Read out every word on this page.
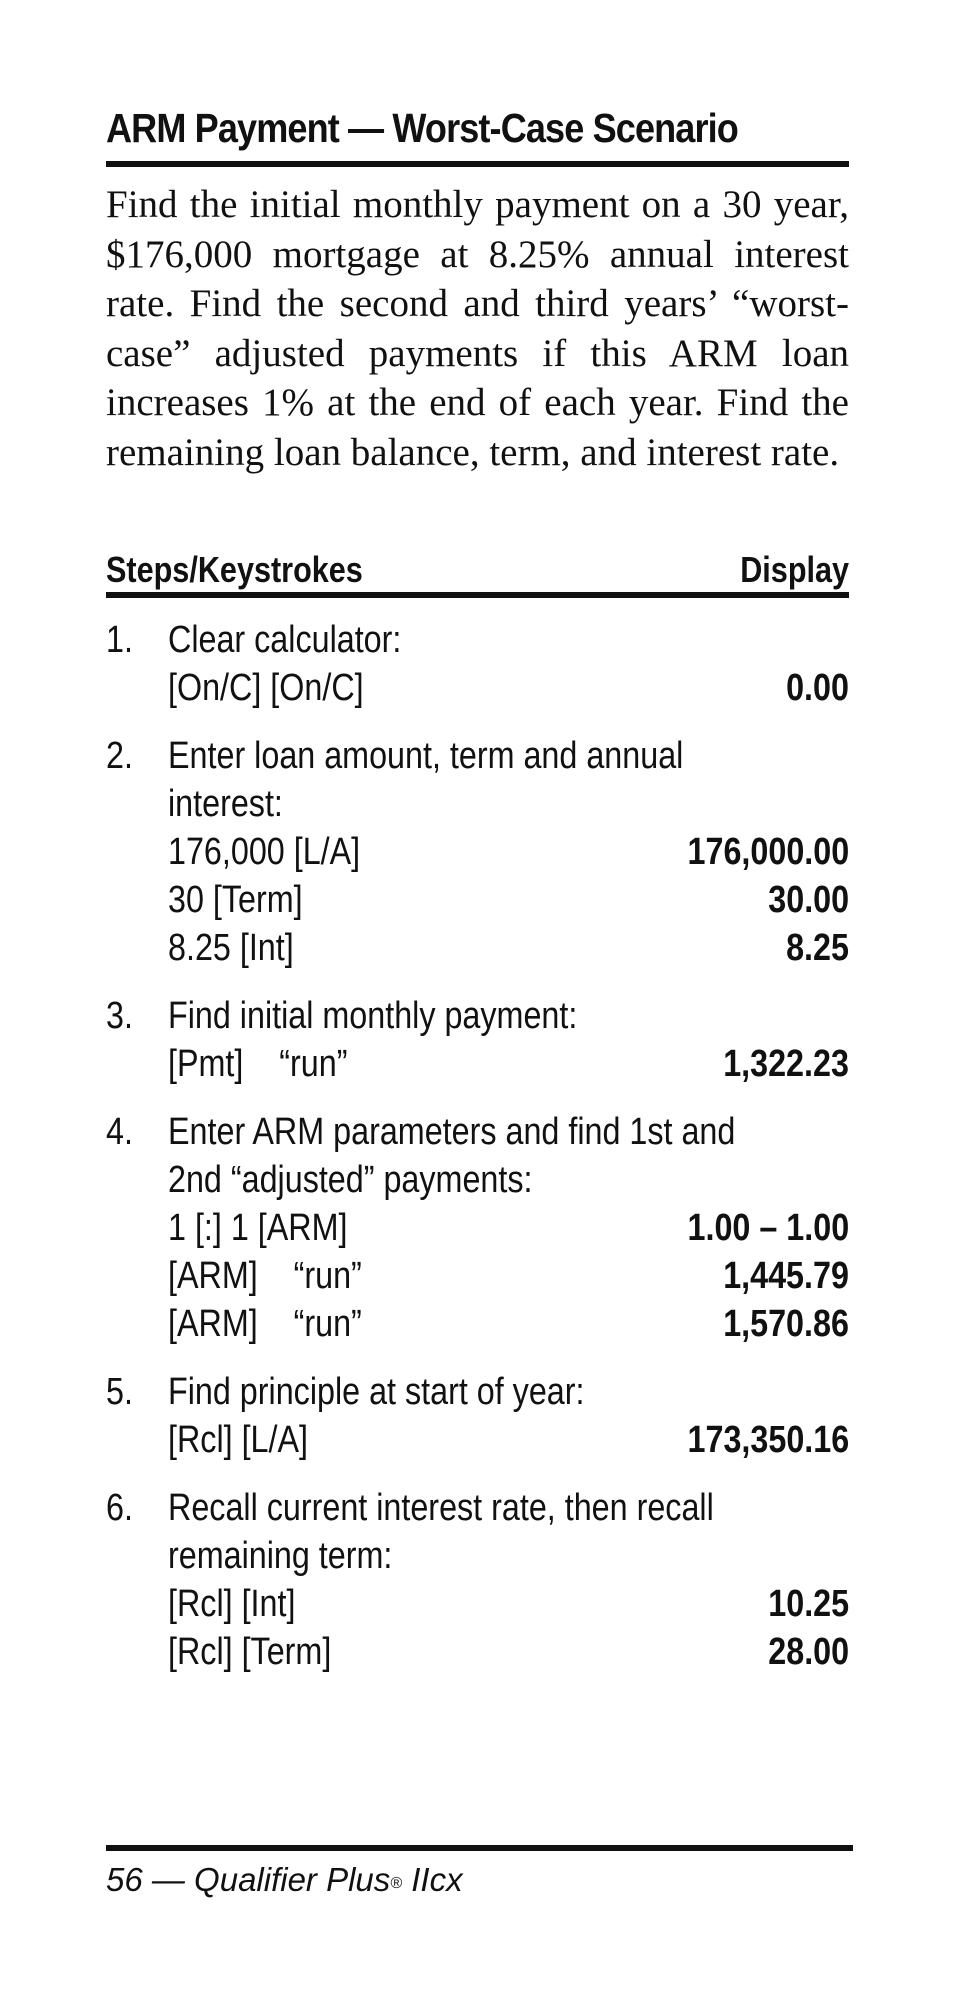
ARM Payment — Worst-Case Scenario

Find the initial monthly payment on a 30 year, $176,000 mortgage at 8.25% annual interest rate. Find the second and third years’ “worst-case” adjusted payments if this ARM loan increases 1% at the end of each year. Find the remaining loan balance, term, and interest rate.

Steps/Keystrokes	Display
1. Clear calculator:
[On/C] [On/C]	0.00
2. Enter loan amount, term and annual
interest:
176,000 [L/A]	176,000.00
30 [Term]	30.00
8.25 [Int]	8.25
3. Find initial monthly payment:
[Pmt]    “run”	1,322.23
4. Enter ARM parameters and find 1st and
2nd “adjusted” payments:
1 [:] 1 [ARM]	1.00 – 1.00
[ARM]    “run”	1,445.79
[ARM]    “run”	1,570.86
5. Find principle at start of year:
[Rcl] [L/A]	173,350.16
6. Recall current interest rate, then recall
remaining term:
[Rcl] [Int]	10.25
[Rcl] [Term]	28.00
56 — Qualifier Plus® IIcx
